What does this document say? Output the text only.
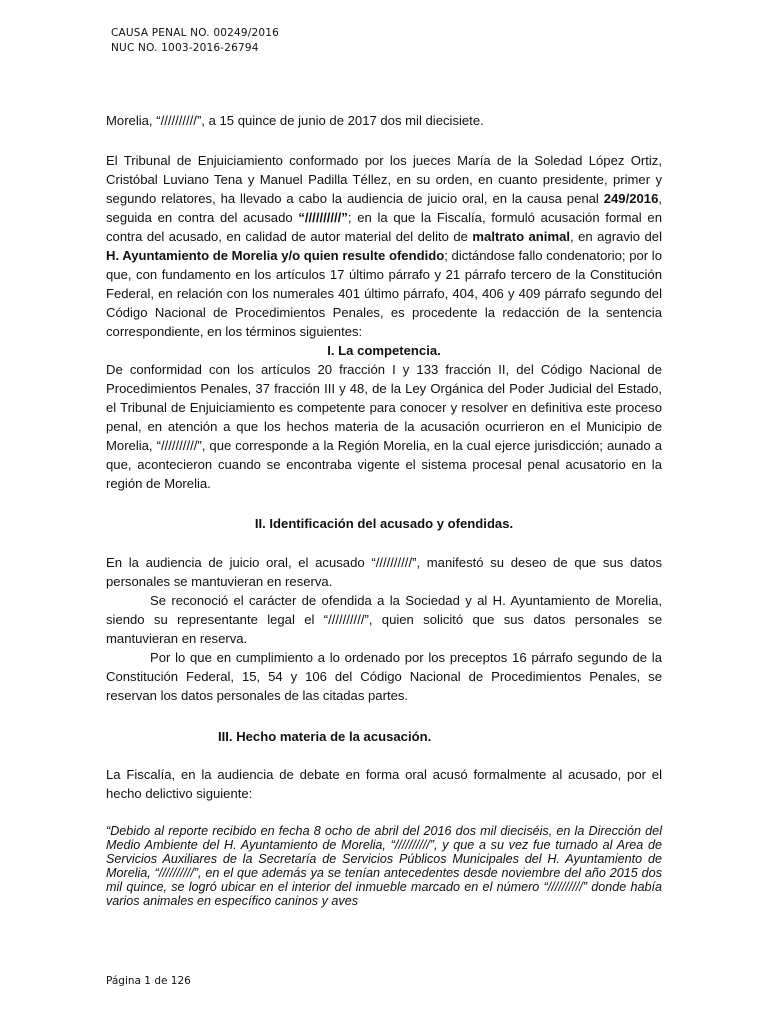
CAUSA PENAL NO. 00249/2016
NUC NO. 1003-2016-26794

Morelia, “//////////”, a 15 quince de junio de 2017 dos mil diecisiete.

El Tribunal de Enjuiciamiento conformado por los jueces María de la Soledad López Ortiz, Cristóbal Luviano Tena y Manuel Padilla Téllez, en su orden, en cuanto presidente, primer y segundo relatores, ha llevado a cabo la audiencia de juicio oral, en la causa penal 249/2016, seguida en contra del acusado “//////////”; en la que la Fiscalía, formuló acusación formal en contra del acusado, en calidad de autor material del delito de maltrato animal, en agravio del H. Ayuntamiento de Morelia y/o quien resulte ofendido; dictándose fallo condenatorio; por lo que, con fundamento en los artículos 17 último párrafo y 21 párrafo tercero de la Constitución Federal, en relación con los numerales 401 último párrafo, 404, 406 y 409 párrafo segundo del Código Nacional de Procedimientos Penales, es procedente la redacción de la sentencia correspondiente, en los términos siguientes:

I. La competencia.

De conformidad con los artículos 20 fracción I y 133 fracción II, del Código Nacional de Procedimientos Penales, 37 fracción III y 48, de la Ley Orgánica del Poder Judicial del Estado, el Tribunal de Enjuiciamiento es competente para conocer y resolver en definitiva este proceso penal, en atención a que los hechos materia de la acusación ocurrieron en el Municipio de Morelia, “//////////”, que corresponde a la Región Morelia, en la cual ejerce jurisdicción; aunado a que, acontecieron cuando se encontraba vigente el sistema procesal penal acusatorio en la región de Morelia.

II. Identificación del acusado y ofendidas.

En la audiencia de juicio oral, el acusado “//////////”, manifestó su deseo de que sus datos personales se mantuvieran en reserva.

Se reconoció el carácter de ofendida a la Sociedad y al H. Ayuntamiento de Morelia, siendo su representante legal el “//////////”, quien solicitó que sus datos personales se mantuvieran en reserva.

Por lo que en cumplimiento a lo ordenado por los preceptos 16 párrafo segundo de la Constitución Federal, 15, 54 y 106 del Código Nacional de Procedimientos Penales, se reservan los datos personales de las citadas partes.

III. Hecho materia de la acusación.

La Fiscalía, en la audiencia de debate en forma oral acusó formalmente al acusado, por el hecho delictivo siguiente:

“Debido al reporte recibido en fecha 8 ocho de abril del 2016 dos mil dieciséis, en la Dirección del Medio Ambiente del H. Ayuntamiento de Morelia, “//////////”, y que a su vez fue turnado al Area de Servicios Auxiliares de la Secretaría de Servicios Públicos Municipales del H. Ayuntamiento de Morelia, “//////////”, en el que además ya se tenían antecedentes desde noviembre del año 2015 dos mil quince, se logró ubicar en el interior del inmueble marcado en el número “//////////” donde había varios animales en específico caninos y aves

Página 1 de 126
